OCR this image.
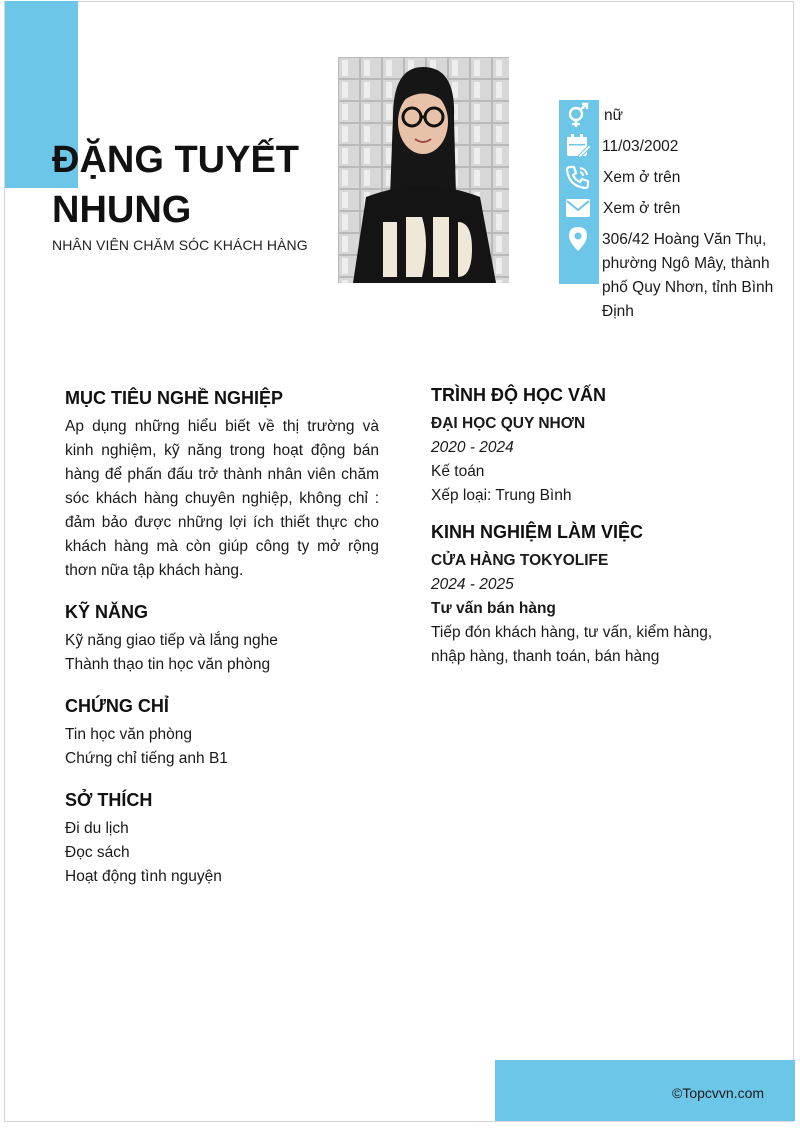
ĐẶNG TUYẾT NHUNG
NHÂN VIÊN CHĂM SÓC KHÁCH HÀNG
nữ
11/03/2002
Xem ở trên
Xem ở trên
306/42 Hoàng Văn Thụ, phường Ngô Mây, thành phố Quy Nhơn, tỉnh Bình Định
MỤC TIÊU NGHỀ NGHIỆP
Ap dụng những hiểu biết về thị trường và kinh nghiệm, kỹ năng trong hoạt động bán hàng để phấn đấu trở thành nhân viên chăm sóc khách hàng chuyên nghiệp, không chỉ : đảm bảo được những lợi ích thiết thực cho khách hàng mà còn giúp công ty mở rộng thơn nữa tập khách hàng.
KỸ NĂNG
Kỹ năng giao tiếp và lắng nghe
Thành thạo tin học văn phòng
CHỨNG CHỈ
Tin học văn phòng
Chứng chỉ tiếng anh B1
SỞ THÍCH
Đi du lịch
Đọc sách
Hoạt động tình nguyện
TRÌNH ĐỘ HỌC VẤN
ĐẠI HỌC QUY NHƠN
2020 - 2024
Kế toán
Xếp loại: Trung Bình
KINH NGHIỆM LÀM VIỆC
CỬA HÀNG TOKYOLIFE
2024 - 2025
Tư vấn bán hàng
Tiếp đón khách hàng, tư vấn, kiểm hàng, nhập hàng, thanh toán, bán hàng
©Topcvvn.com
